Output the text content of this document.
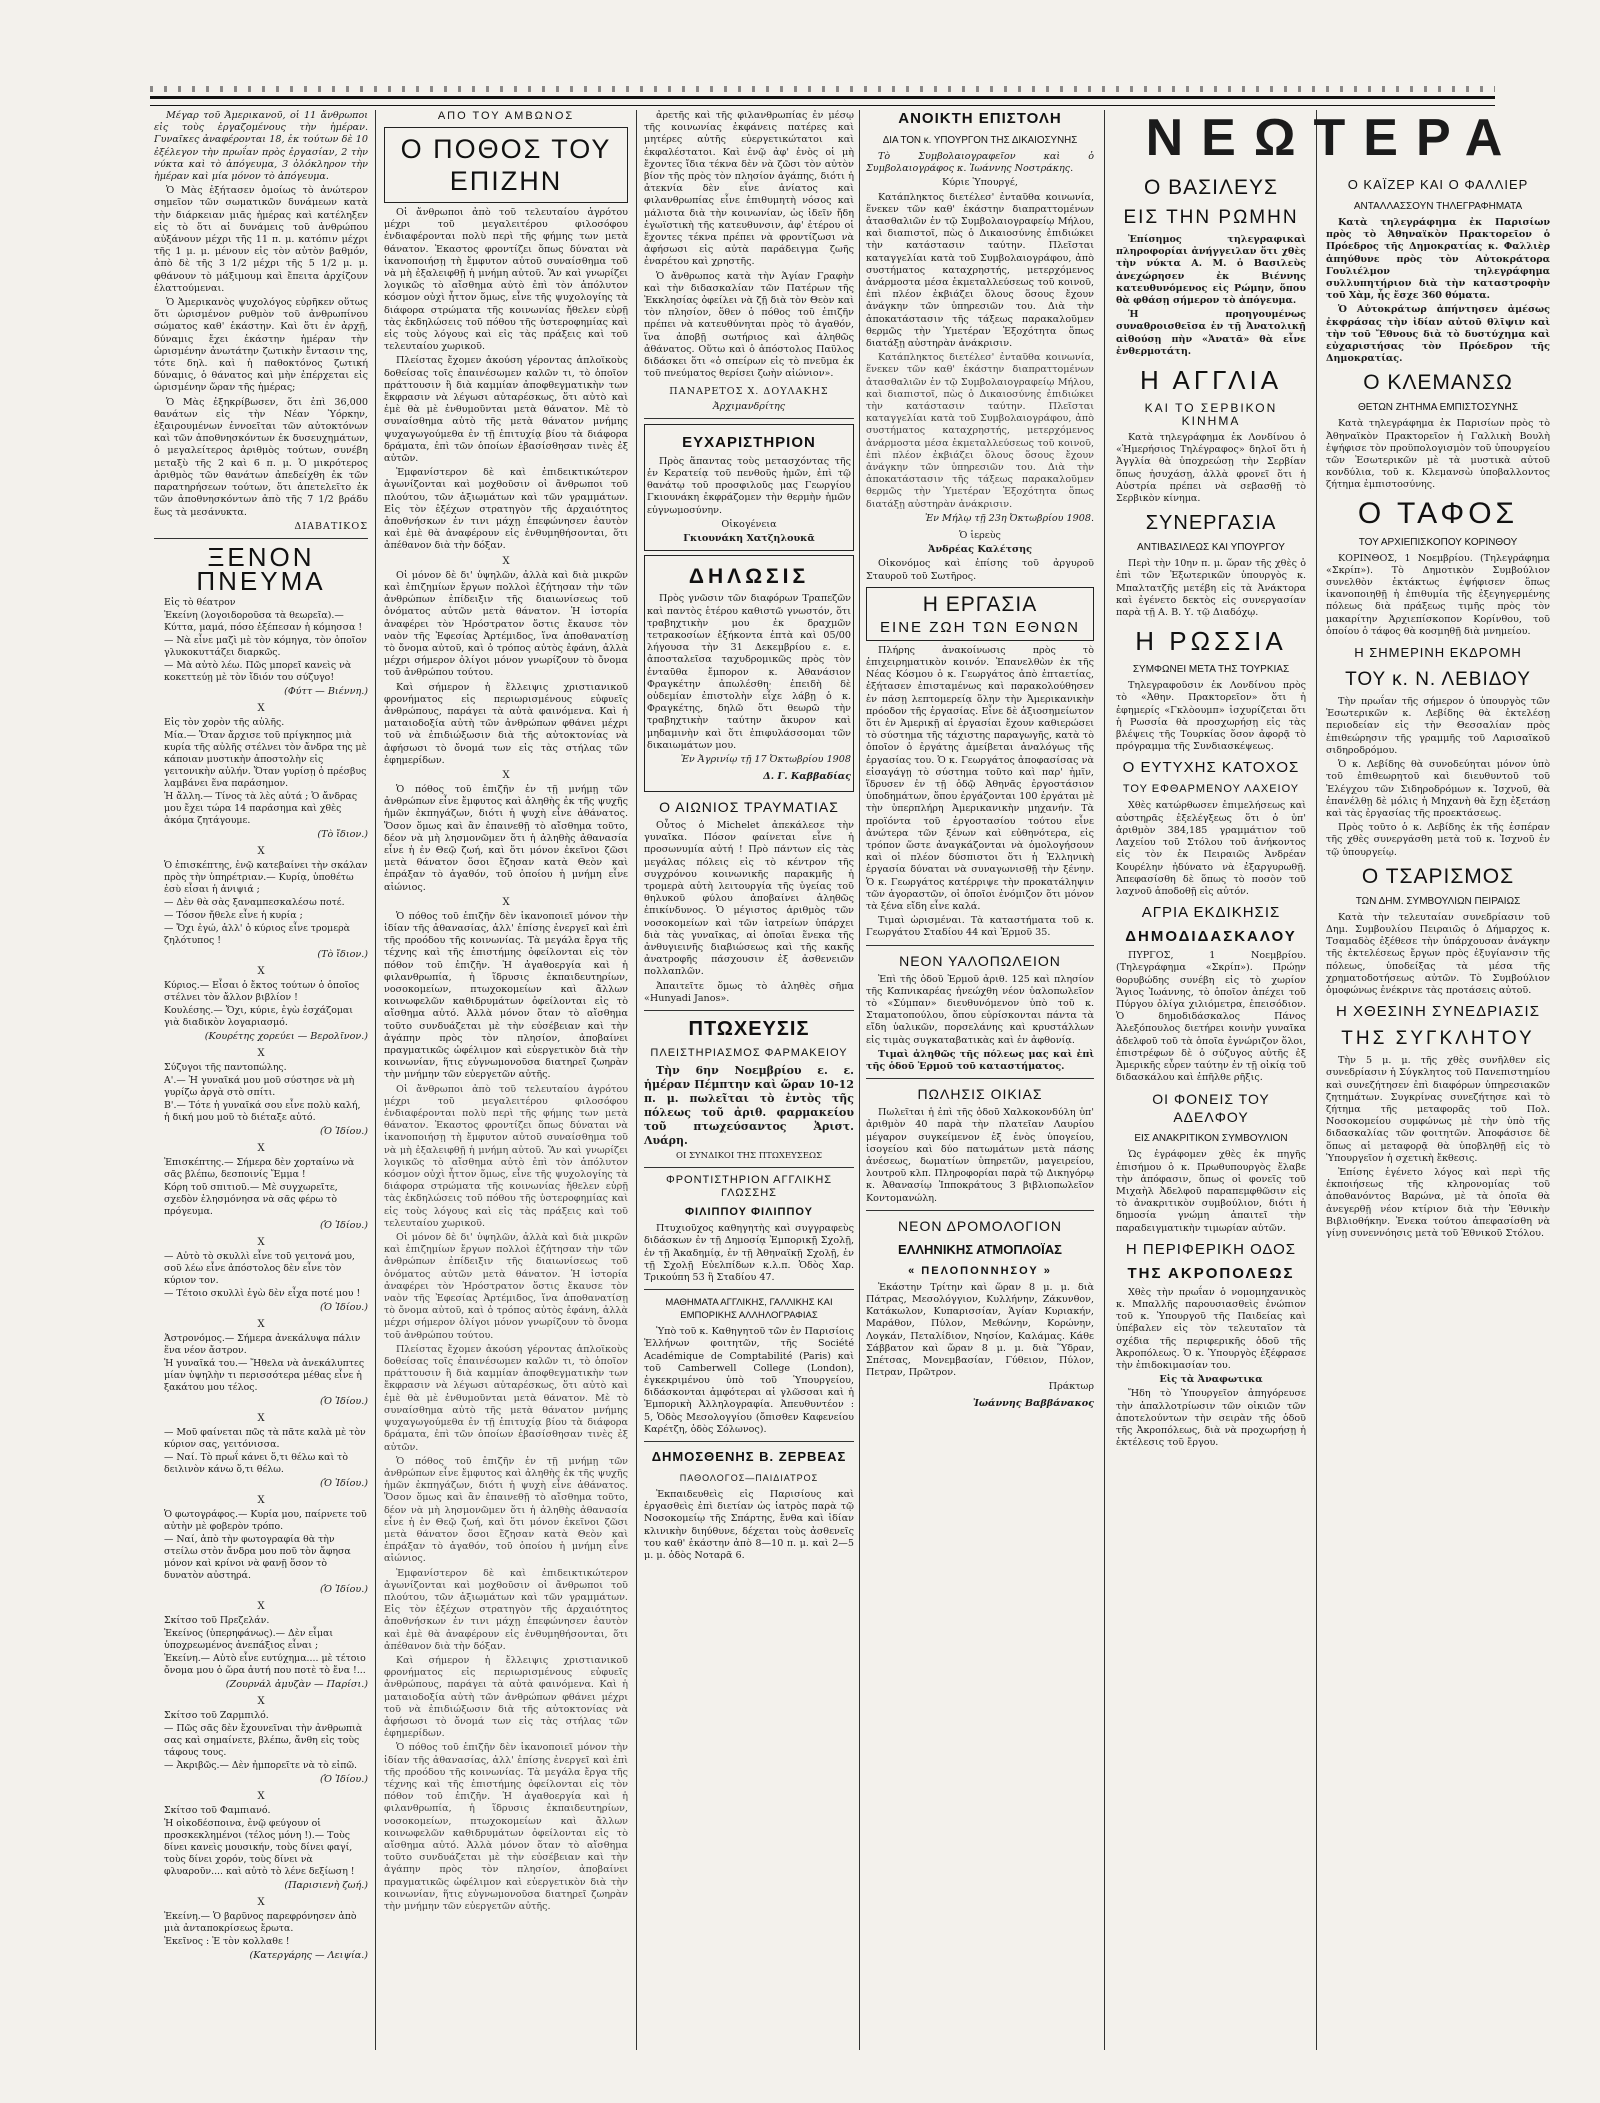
Μέγαρ τοῦ Ἀμερικανοῦ, οἱ 11 ἄνθρωποι εἰς τοὺς ἐργαζομένους τὴν ἡμέραν. Γυναῖκες ἀναφέρονται 18, ἐκ τούτων δὲ 10 ἐξέλεγον τὴν πρωΐαν πρὸς ἐργασίαν, 2 τὴν νύκτα καὶ τὸ ἀπόγευμα, 3 ὁλόκληρον τὴν ἡμέραν καὶ μία μόνον τὸ ἀπόγευμα.

Ὁ Μὰς ἐξήτασεν ὁμοίως τὸ ἀνώτερον σημεῖον τῶν σωματικῶν δυνάμεων κατὰ τὴν διάρκειαν μιᾶς ἡμέρας καὶ κατέληξεν εἰς τὸ ὅτι αἱ δυνάμεις τοῦ ἀνθρώπου αὐξάνουν μέχρι τῆς 11 π. μ. κατόπιν μέχρι τῆς 1 μ. μ. μένουν εἰς τὸν αὐτὸν βαθμόν, ἀπὸ δὲ τῆς 3 1/2 μέχρι τῆς 5 1/2 μ. μ. φθάνουν τὸ μάξιμουμ καὶ ἔπειτα ἀρχίζουν ἐλαττούμεναι.

Ὁ Ἀμερικανὸς ψυχολόγος εὑρῆκεν οὕτως ὅτι ὡρισμένον ρυθμὸν τοῦ ἀνθρωπίνου σώματος καθ' ἑκάστην. Καὶ ὅτι ἐν ἀρχῇ, δύναμις ἔχει ἑκάστην ἡμέραν τὴν ὡρισμένην ἀνωτάτην ζωτικὴν ἔντασιν της, τότε δηλ. καὶ ἡ παθοκτόνος ζωτική δύναμις, ὁ θάνατος καὶ μὴν ἐπέρχεται εἰς ὡρισμένην ὥραν τῆς ἡμέρας;

Ὁ Μὰς ἐξηκρίβωσεν, ὅτι ἐπὶ 36,000 θανάτων εἰς τὴν Νέαν Ὑόρκην, ἐξαιρουμένων ἐννοεῖται τῶν αὐτοκτόνων καὶ τῶν ἀποθνησκόντων ἐκ δυσευχημάτων, ὁ μεγαλείτερος ἀριθμὸς τούτων, συνέβη μεταξὺ τῆς 2 καὶ 6 π. μ. Ὁ μικρότερος ἀριθμὸς τῶν θανάτων ἀπεδείχθη ἐκ τῶν παρατηρήσεων τούτων, ὅτι ἀπετελεῖτο ἐκ τῶν ἀποθνησκόντων ἀπὸ τῆς 7 1/2 βράδυ ἕως τὰ μεσάνυκτα.

ΔΙΑΒΑΤΙΚΟΣ
ΞΕΝΟΝ ΠΝΕΥΜΑ
Εἰς τὸ θέατρον
Ἐκείνη (λογοιδοροῦσα τὰ θεωρεῖα).— Κύττα, μαμά, πόσο ἐξέπεσαν ἡ κόμησσα !
— Νὰ εἶνε μαζὶ μὲ τὸν κόμηγα, τὸν ὁποῖον γλυκοκυττάζει διαρκῶς.
— Μὰ αὐτὸ λέω. Πῶς μπορεῖ κανεὶς νὰ κοκεττεύῃ μὲ τὸν ἴδιόν του σύζυγο!
(Φύττ — Βιέννη.)
X
Εἰς τὸν χορὸν τῆς αὐλῆς.
Μία.— Ὅταν ἄρχισε τοῦ πρίγκηπος μιὰ κυρία τῆς αὐλῆς στέλνει τὸν ἄνδρα της μὲ κάποιαν μυστικὴν ἀποστολὴν εἰς γειτονικὴν αὐλήν. Ὅταν γυρίσῃ ὁ πρέσβυς λαμβάνει ἕνα παράσημον.
Ἡ ἄλλη.— Τίνος τὰ λὲς αὐτά ; Ὁ ἄνδρας μου ἔχει τώρα 14 παράσημα καὶ χθὲς ἀκόμα ζητάγουμε.
(Τὸ ἴδιον.)
X
Ὁ ἐπισκέπτης, ἐνῷ κατεβαίνει τὴν σκάλαν πρὸς τὴν ὑπηρέτριαν.— Κυρίᾳ, ὑποθέτω ἐσὺ εἶσαι ἡ ἀνιψιά ;
— Δὲν θὰ σὰς ξαναμπεσκαλέσω ποτέ.
— Τόσον ἤθελε εἶνε ἡ κυρία ;
— Ὄχι ἐγώ, ἀλλ' ὁ κύριος εἶνε τρομερὰ ζηλότυπος !
(Τὸ ἴδιον.)
X
Κύριος.— Εἶσαι ὁ ἔκτος τούτων ὁ ὁποῖος στέλνει τὸν ἄλλον βιβλίον !
Κουλέσης.— Ὄχι, κύριε, ἐγὼ ἐσχάζομαι γιὰ διαδικὸν λογαριασμό.
(Κουρέτης χορεύει — Βερολῖνον.)
X
Σύζυγοι τῆς παντοπώλης.
Α'.— Ἡ γυναῖκά μου μοῦ σύστησε νὰ μὴ γυρίζω ἀργὰ στὸ σπίτι.
Β'.— Τότε ἡ γυναῖκά σου εἶνε πολὺ καλή, ἡ δική μου μοῦ τὸ διέταξε αὐτό.
(Ὁ Ἰδίου.)
X
Ἐπισκέπτης.— Σήμερα δὲν χορταίνω νὰ σᾶς βλέπω, δεσποινίς Ἔμμα !
Κόρη τοῦ σπιτιοῦ.— Μὲ συγχωρεῖτε, σχεδὸν ἐλησμόνησα νὰ σᾶς φέρω τὸ πρόγευμα.
(Ὁ Ἰδίου.)
X
— Αὐτὸ τὸ σκυλλὶ εἶνε τοῦ γειτονά μου, σοῦ λέω εἶνε ἀπόστολος δὲν εἶνε τὸν κύριον τον.
— Τέτοιο σκυλλὶ ἐγὼ δὲν εἶχα ποτέ μου !
(Ὁ Ἰδίου.)
X
Ἀστρονόμος.— Σήμερα ἀνεκάλυψα πάλιν ἕνα νέον ἄστρον.
Ἡ γυναῖκά του.— Ἤθελα νὰ ἀνεκάλυπτες μίαν ὑψηλὴν τι περισσότερα μέθας εἶνε ἡ ξακάτου μου τέλος.
(Ὁ Ἰδίου.)
X
— Μοῦ φαίνεται πῶς τὰ πᾶτε καλὰ μὲ τὸν κύριον σας, γειτόνισσα.
— Ναί. Τὸ πρωΐ κάνει ὅ,τι θέλω καὶ τὸ δειλινὸν κάνω ὅ,τι θέλω.
(Ὁ Ἰδίου.)
X
Ὁ φωτογράφος.— Κυρία μου, παίρνετε τοῦ αὐτὴν μὲ φοβερὸν τρόπο.
— Ναί, ἀπὸ τὴν φωτογραφία θὰ τὴν στείλω στὸν ἄνδρα μου ποῦ τὸν ἄφησα μόνον καὶ κρίνοι νὰ φανῇ ὅσον τὸ δυνατὸν αὐστηρά.
(Ὁ Ἰδίου.)
X
Σκίτσο τοῦ Πρεζελάν.
Ἐκείνος (ὑπερηφάνως).— Δὲν εἶμαι ὑποχρεωμένος ἀνεπάξιος εἶναι ;
Ἐκείνη.— Αὐτὸ εἶνε ευτύχημα.... μὲ τέτοιο ὄνομα μου ὁ ὥρα ἀυτή που ποτὲ τὸ ἔνα !...
(Ζουρνάλ ἀμυζὰν — Παρίσι.)
X
Σκίτσο τοῦ Ζαρμπιλό.
— Πῶς σᾶς δὲν ἔχουνεῖναι τὴν ἀνθρωπιὰ σας καὶ σημαίνετε, βλέπω, ἄνθη εἰς τοὺς τάφους τους.
— Ἀκριβῶς.— Δὲν ἠμπορεῖτε νὰ τὸ εἰπῶ.
(Ὁ Ἰδίου.)
X
Σκίτσο τοῦ Φαμπιανό.
Ἡ οἰκοδέσποινα, ἐνῷ φεύγουν οἱ προσκεκλημένοι (τέλος μόνη !).— Τοὺς δίνει κανεὶς μουσικήν, τοὺς δίνει φαγί, τοὺς δίνει χορόν, τοὺς δίνει νὰ φλυαροῦν.... καὶ αὐτὸ τὸ λένε δεξίωση !
(Παρισιενὴ ζωή.)
X
Ἐκείνη.— Ὁ βαρῦνος παρεφρόνησεν ἀπὸ μιὰ ἀνταποκρίσεως ἔρωτα.
Ἐκεῖνος : Ἐ τὸν κολλαθε !
(Κατεργάρης — Λειψία.)
ΑΠΟ ΤΟΥ ΑΜΒΩΝΟΣ
Ο ΠΟΘΟΣ ΤΟΥ ΕΠΙΖΗΝ

Οἱ ἄνθρωποι ἀπὸ τοῦ τελευταίου ἀγρότου μέχρι τοῦ μεγαλειτέρου φιλοσόφου ἐνδιαφέρονται πολὺ περὶ τῆς φήμης των μετὰ θάνατον. Ἐκαστος φροντίζει ὅπως δύναται νὰ ἱκανοποιήσῃ τὴ ἔμφυτον αὐτοῦ συναίσθημα τοῦ νὰ μὴ ἐξαλειφθῇ ἡ μνήμη αὐτοῦ. Ἂν καὶ γνωρίζει λογικῶς τὸ αἴσθημα αὐτὸ ἐπὶ τὸν ἀπόλυτον κόσμον οὐχὶ ἧττον ὅμως, εἶνε τῆς ψυχολογίης τὰ διάφορα στρώματα τῆς κοινωνίας ἤθελεν εὑρῇ τὰς ἐκδηλώσεις τοῦ πόθου τῆς ὑστεροφημίας καὶ εἰς τοὺς λόγους καὶ εἰς τὰς πράξεις καὶ τοῦ τελευταίου χωρικοῦ.

Πλείστας ἔχομεν ἀκούση γέροντας ἀπλοϊκοὺς δοθείσας τοῖς ἐπαινέσωμεν καλῶν τι, τὸ ὁποῖον πράττουσιν ἢ διὰ καμμίαν ἀποφθεγματικὴν των ἔκφρασιν νὰ λέγωσι αὐταρέσκως, ὅτι αὐτὸ καὶ ἐμὲ θὰ μὲ ἐνθυμοῦνται μετὰ θάνατον. Μὲ τὸ συναίσθημα αὐτὸ τῆς μετὰ θάνατον μνήμης ψυχαγωγούμεθα ἐν τῇ ἐπιτυχίᾳ βίου τὰ διάφορα δράματα, ἐπὶ τῶν ὁποίων ἐβασίσθησαν τινὲς ἐξ αὐτῶν.

Ἐμφανίστερον δὲ καὶ ἐπιδεικτικώτερον ἀγωνίζονται καὶ μοχθοῦσιν οἱ ἄνθρωποι τοῦ πλούτου, τῶν ἀξιωμάτων καὶ τῶν γραμμάτων. Εἰς τὸν ἐξέχων στρατηγὸν τῆς ἀρχαιότητος ἀποθνήσκων ἐν τινι μάχῃ ἐπεφώνησεν ἑαυτὸν καὶ ἐμὲ θὰ ἀναφέρουν εἰς ἐνθυμηθήσονται, ὅτι ἀπέθανον διὰ τὴν δόξαν.

X

Οἱ μόνον δὲ δι' ὑψηλῶν, ἀλλὰ καὶ διὰ μικρῶν καὶ ἐπιζημίων ἔργων πολλοὶ ἐζήτησαν τὴν τῶν ἀνθρώπων ἐπίδειξιν τῆς διαιωνίσεως τοῦ ὀνόματος αὐτῶν μετὰ θάνατον. Ἡ ἱστορία ἀναφέρει τὸν Ἡρόστρατον ὅστις ἔκαυσε τὸν ναὸν τῆς Ἐφεσίας Ἀρτέμιδος, ἵνα ἀποθανατίσῃ τὸ ὄνομα αὐτοῦ, καὶ ὁ τρόπος αὐτὸς ἐφάνη, ἀλλὰ μέχρι σήμερον ὀλίγοι μόνον γνωρίζουν τὸ ὄνομα τοῦ ἀνθρώπου τούτου.

Καὶ σήμερον ἡ ἔλλειψις χριστιανικοῦ φρονήματος εἰς περιωρισμένους εὐφυεῖς ἀνθρώπους, παράγει τὰ αὐτὰ φαινόμενα. Καὶ ἡ ματαιοδοξία αὐτὴ τῶν ἀνθρώπων φθάνει μέχρι τοῦ νὰ ἐπιδιώξωσιν διὰ τῆς αὐτοκτονίας νὰ ἀφήσωσι τὸ ὄνομά των εἰς τὰς στήλας τῶν ἐφημερίδων.

X

Ὁ πόθος τοῦ ἐπιζῆν ἐν τῇ μνήμῃ τῶν ἀνθρώπων εἶνε ἔμφυτος καὶ ἀληθὴς ἐκ τῆς ψυχῆς ἡμῶν ἐκπηγάζων, διότι ἡ ψυχὴ εἶνε ἀθάνατος. Ὅσον ὅμως καὶ ἂν ἐπαινεθῇ τὸ αἴσθημα τοῦτο, δέον νὰ μὴ λησμονῶμεν ὅτι ἡ ἀληθὴς ἀθανασία εἶνε ἡ ἐν Θεῷ ζωή, καὶ ὅτι μόνον ἐκεῖνοι ζῶσι μετὰ θάνατον ὅσοι ἔζησαν κατὰ Θεὸν καὶ ἐπράξαν τὸ ἀγαθόν, τοῦ ὁποίου ἡ μνήμη εἶνε αἰώνιος.

X

Ὁ πόθος τοῦ ἐπιζῆν δὲν ἱκανοποιεῖ μόνον τὴν ἰδίαν τῆς ἀθανασίας, ἀλλ' ἐπίσης ἐνεργεῖ καὶ ἐπὶ τῆς προόδου τῆς κοινωνίας. Τὰ μεγάλα ἔργα τῆς τέχνης καὶ τῆς ἐπιστήμης ὀφείλονται εἰς τὸν πόθον τοῦ ἐπιζῆν. Ἡ ἀγαθοεργία καὶ ἡ φιλανθρωπία, ἡ ἵδρυσις ἐκπαιδευτηρίων, νοσοκομείων, πτωχοκομείων καὶ ἄλλων κοινωφελῶν καθιδρυμάτων ὀφείλονται εἰς τὸ αἴσθημα αὐτό. Ἀλλὰ μόνον ὅταν τὸ αἴσθημα τοῦτο συνδυάζεται μὲ τὴν εὐσέβειαν καὶ τὴν ἀγάπην πρὸς τὸν πλησίον, ἀποβαίνει πραγματικῶς ὠφέλιμον καὶ εὐεργετικὸν διὰ τὴν κοινωνίαν, ἥτις εὐγνωμονοῦσα διατηρεῖ ζωηρὰν τὴν μνήμην τῶν εὐεργετῶν αὐτῆς.

Οἱ ἄνθρωποι ἀπὸ τοῦ τελευταίου ἀγρότου μέχρι τοῦ μεγαλειτέρου φιλοσόφου ἐνδιαφέρονται πολὺ περὶ τῆς φήμης των μετὰ θάνατον. Ἐκαστος φροντίζει ὅπως δύναται νὰ ἱκανοποιήσῃ τὴ ἔμφυτον αὐτοῦ συναίσθημα τοῦ νὰ μὴ ἐξαλειφθῇ ἡ μνήμη αὐτοῦ. Ἂν καὶ γνωρίζει λογικῶς τὸ αἴσθημα αὐτὸ ἐπὶ τὸν ἀπόλυτον κόσμον οὐχὶ ἧττον ὅμως, εἶνε τῆς ψυχολογίης τὰ διάφορα στρώματα τῆς κοινωνίας ἤθελεν εὑρῇ τὰς ἐκδηλώσεις τοῦ πόθου τῆς ὑστεροφημίας καὶ εἰς τοὺς λόγους καὶ εἰς τὰς πράξεις καὶ τοῦ τελευταίου χωρικοῦ.

Οἱ μόνον δὲ δι' ὑψηλῶν, ἀλλὰ καὶ διὰ μικρῶν καὶ ἐπιζημίων ἔργων πολλοὶ ἐζήτησαν τὴν τῶν ἀνθρώπων ἐπίδειξιν τῆς διαιωνίσεως τοῦ ὀνόματος αὐτῶν μετὰ θάνατον. Ἡ ἱστορία ἀναφέρει τὸν Ἡρόστρατον ὅστις ἔκαυσε τὸν ναὸν τῆς Ἐφεσίας Ἀρτέμιδος, ἵνα ἀποθανατίσῃ τὸ ὄνομα αὐτοῦ, καὶ ὁ τρόπος αὐτὸς ἐφάνη, ἀλλὰ μέχρι σήμερον ὀλίγοι μόνον γνωρίζουν τὸ ὄνομα τοῦ ἀνθρώπου τούτου.

Πλείστας ἔχομεν ἀκούση γέροντας ἀπλοϊκοὺς δοθείσας τοῖς ἐπαινέσωμεν καλῶν τι, τὸ ὁποῖον πράττουσιν ἢ διὰ καμμίαν ἀποφθεγματικὴν των ἔκφρασιν νὰ λέγωσι αὐταρέσκως, ὅτι αὐτὸ καὶ ἐμὲ θὰ μὲ ἐνθυμοῦνται μετὰ θάνατον. Μὲ τὸ συναίσθημα αὐτὸ τῆς μετὰ θάνατον μνήμης ψυχαγωγούμεθα ἐν τῇ ἐπιτυχίᾳ βίου τὰ διάφορα δράματα, ἐπὶ τῶν ὁποίων ἐβασίσθησαν τινὲς ἐξ αὐτῶν.

Ὁ πόθος τοῦ ἐπιζῆν ἐν τῇ μνήμῃ τῶν ἀνθρώπων εἶνε ἔμφυτος καὶ ἀληθὴς ἐκ τῆς ψυχῆς ἡμῶν ἐκπηγάζων, διότι ἡ ψυχὴ εἶνε ἀθάνατος. Ὅσον ὅμως καὶ ἂν ἐπαινεθῇ τὸ αἴσθημα τοῦτο, δέον νὰ μὴ λησμονῶμεν ὅτι ἡ ἀληθὴς ἀθανασία εἶνε ἡ ἐν Θεῷ ζωή, καὶ ὅτι μόνον ἐκεῖνοι ζῶσι μετὰ θάνατον ὅσοι ἔζησαν κατὰ Θεὸν καὶ ἐπράξαν τὸ ἀγαθόν, τοῦ ὁποίου ἡ μνήμη εἶνε αἰώνιος.

Ἐμφανίστερον δὲ καὶ ἐπιδεικτικώτερον ἀγωνίζονται καὶ μοχθοῦσιν οἱ ἄνθρωποι τοῦ πλούτου, τῶν ἀξιωμάτων καὶ τῶν γραμμάτων. Εἰς τὸν ἐξέχων στρατηγὸν τῆς ἀρχαιότητος ἀποθνήσκων ἐν τινι μάχῃ ἐπεφώνησεν ἑαυτὸν καὶ ἐμὲ θὰ ἀναφέρουν εἰς ἐνθυμηθήσονται, ὅτι ἀπέθανον διὰ τὴν δόξαν.

Καὶ σήμερον ἡ ἔλλειψις χριστιανικοῦ φρονήματος εἰς περιωρισμένους εὐφυεῖς ἀνθρώπους, παράγει τὰ αὐτὰ φαινόμενα. Καὶ ἡ ματαιοδοξία αὐτὴ τῶν ἀνθρώπων φθάνει μέχρι τοῦ νὰ ἐπιδιώξωσιν διὰ τῆς αὐτοκτονίας νὰ ἀφήσωσι τὸ ὄνομά των εἰς τὰς στήλας τῶν ἐφημερίδων.

Ὁ πόθος τοῦ ἐπιζῆν δὲν ἱκανοποιεῖ μόνον τὴν ἰδίαν τῆς ἀθανασίας, ἀλλ' ἐπίσης ἐνεργεῖ καὶ ἐπὶ τῆς προόδου τῆς κοινωνίας. Τὰ μεγάλα ἔργα τῆς τέχνης καὶ τῆς ἐπιστήμης ὀφείλονται εἰς τὸν πόθον τοῦ ἐπιζῆν. Ἡ ἀγαθοεργία καὶ ἡ φιλανθρωπία, ἡ ἵδρυσις ἐκπαιδευτηρίων, νοσοκομείων, πτωχοκομείων καὶ ἄλλων κοινωφελῶν καθιδρυμάτων ὀφείλονται εἰς τὸ αἴσθημα αὐτό. Ἀλλὰ μόνον ὅταν τὸ αἴσθημα τοῦτο συνδυάζεται μὲ τὴν εὐσέβειαν καὶ τὴν ἀγάπην πρὸς τὸν πλησίον, ἀποβαίνει πραγματικῶς ὠφέλιμον καὶ εὐεργετικὸν διὰ τὴν κοινωνίαν, ἥτις εὐγνωμονοῦσα διατηρεῖ ζωηρὰν τὴν μνήμην τῶν εὐεργετῶν αὐτῆς.

ἀρετῆς καὶ τῆς φιλανθρωπίας ἐν μέσῳ τῆς κοινωνίας ἐκφάνεις πατέρες καὶ μητέρες αὐτῆς εὐεργετικώτατοι καὶ ἐκφαλέστατοι. Καὶ ἐνῷ ἀφ' ἑνὸς οἱ μὴ ἔχοντες ἴδια τέκνα δὲν νὰ ζῶσι τὸν αὐτὸν βίον τῆς πρὸς τὸν πλησίον ἀγάπης, διότι ἡ ἀτεκνία δὲν εἶνε ἀνίατος καὶ φιλανθρωπίας εἶνε ἐπιθυμητὴ νόσος καὶ μάλιστα διὰ τὴν κοινωνίαν, ὡς ἰδεῖν ἤδη ἐγωϊστικὴ τῆς κατευθυνσιν, ἀφ' ἑτέρου οἱ ἔχοντες τέκνα πρέπει νὰ φροντίζωσι νὰ ἀφήσωσι εἰς αὐτὰ παράδειγμα ζωῆς ἐναρέτου καὶ χρηστῆς.

Ὁ ἄνθρωπος κατὰ τὴν Ἁγίαν Γραφὴν καὶ τὴν διδασκαλίαν τῶν Πατέρων τῆς Ἐκκλησίας ὀφείλει νὰ ζῇ διὰ τὸν Θεὸν καὶ τὸν πλησίον, ὅθεν ὁ πόθος τοῦ ἐπιζῆν πρέπει νὰ κατευθύνηται πρὸς τὸ ἀγαθόν, ἵνα ἀποβῇ σωτήριος καὶ ἀληθῶς ἀθάνατος. Οὕτω καὶ ὁ ἀπόστολος Παῦλος διδάσκει ὅτι «ὁ σπείρων εἰς τὸ πνεῦμα ἐκ τοῦ πνεύματος θερίσει ζωὴν αἰώνιον».

ΠΑΝΑΡΕΤΟΣ Χ. ΔΟΥΛΑΚΗΣ
Ἀρχιμανδρίτης
ΕΥΧΑΡΙΣΤΗΡΙΟΝ

Πρὸς ἅπαντας τοὺς μετασχόντας τῆς ἐν Κερατείᾳ τοῦ πενθοῦς ἡμῶν, ἐπὶ τῷ θανάτῳ τοῦ προσφιλοῦς μας Γεωργίου Γκιουνάκη ἐκφράζομεν τὴν θερμὴν ἡμῶν εὐγνωμοσύνην.

Οἰκογένεια
Γκιουνάκη Χατζηλουκᾶ
ΔΗΛΩΣΙΣ

Πρὸς γνῶσιν τῶν διαφόρων Τραπεζῶν καὶ παντὸς ἑτέρου καθιστῶ γνωστόν, ὅτι τραβηχτικὴν μου ἐκ δραχμῶν τετρακοσίων ἑξήκοντα ἐπτὰ καὶ 05/00 λήγουσα τὴν 31 Δεκεμβρίου ε. ε. ἀποσταλεῖσα ταχυδρομικῶς πρὸς τὸν ἐνταῦθα ἔμπορον κ. Ἀθανάσιον Φραγκέτην ἀπωλέσθη· ἐπειδὴ δὲ οὐδεμίαν ἐπιστολὴν εἶχε λάβῃ ὁ κ. Φραγκέτης, δηλῶ ὅτι θεωρῶ τὴν τραβηχτικὴν ταύτην ἄκυρον καὶ μηδαμινὴν καὶ ὅτι ἐπιφυλάσσομαι τῶν δικαιωμάτων μου.

Ἐν Ἀγρινίῳ τῇ 17 Ὀκτωβρίου 1908
Δ. Γ. Καββαδίας
Ο ΑΙΩΝΙΟΣ ΤΡΑΥΜΑΤΙΑΣ

Οὗτος ὁ Michelet ἀπεκάλεσε τὴν γυναῖκα. Πόσον φαίνεται εἶνε ἡ προσωνυμία αὐτή ! Πρὸ πάντων εἰς τὰς μεγάλας πόλεις εἰς τὸ κέντρον τῆς συγχρόνου κοινωνικῆς παρακμῆς ἡ τρομερὰ αὐτὴ λειτουργία τῆς ὑγείας τοῦ θηλυκοῦ φύλου ἀποβαίνει ἀληθῶς ἐπικίνδυνος. Ὁ μέγιστος ἀριθμὸς τῶν νοσοκομείων καὶ τῶν ἰατρείων ὑπάρχει διὰ τὰς γυναῖκας, αἱ ὁποῖαι ἕνεκα τῆς ἀνθυγιεινῆς διαβιώσεως καὶ τῆς κακῆς ἀνατροφῆς πάσχουσιν ἐξ ἀσθενειῶν πολλαπλῶν.

Ἀπαιτεῖτε ὅμως τὸ ἀληθὲς σῆμα «Hunyadi Janos».

ΠΤΩΧΕΥΣΙΣ
ΠΛΕΙΣΤΗΡΙΑΣΜΟΣ ΦΑΡΜΑΚΕΙΟΥ

Τὴν 6ην Νοεμβρίου ε. ε. ἡμέραν Πέμπτην καὶ ὥραν 10-12 π. μ. πωλεῖται τὸ ἐντὸς τῆς πόλεως τοῦ ἀριθ. φαρμακείου τοῦ πτωχεύσαντος Ἀριστ. Λυάρη.

ΟΙ ΣΥΝΔΙΚΟΙ ΤΗΣ ΠΤΩΧΕΥΣΕΩΣ
ΦΡΟΝΤΙΣΤΗΡΙΟΝ ΑΓΓΛΙΚΗΣ ΓΛΩΣΣΗΣ
ΦΙΛΙΠΠΟΥ ΦΙΛΙΠΠΟΥ

Πτυχιοῦχος καθηγητὴς καὶ συγγραφεὺς διδάσκων ἐν τῇ Δημοσίᾳ Ἐμπορικῇ Σχολῇ, ἐν τῇ Ἀκαδημίᾳ, ἐν τῇ Ἀθηναϊκῇ Σχολῇ, ἐν τῇ Σχολῇ Εὐελπίδων κ.λ.π. Ὁδὸς Χαρ. Τρικούπη 53 ἢ Σταδίου 47.

ΜΑΘΗΜΑΤΑ ΑΓΓΛΙΚΗΣ, ΓΑΛΛΙΚΗΣ ΚΑΙ ΕΜΠΟΡΙΚΗΣ ΑΛΛΗΛΟΓΡΑΦΙΑΣ

Ὑπὸ τοῦ κ. Καθηγητοῦ τῶν ἐν Παρισίοις Ἑλλήνων φοιτητῶν, τῆς Société Académique de Comptabilité (Paris) καὶ τοῦ Camberwell College (London), ἐγκεκριμένου ὑπὸ τοῦ Ὑπουργείου, διδάσκονται ἀμφότεραι αἱ γλῶσσαι καὶ ἡ Ἐμπορικὴ Ἀλληλογραφία. Ἀπευθυντέον : 5, Ὁδὸς Μεσολογγίου (ὄπισθεν Καφενείου Καρέτζη, ὁδὸς Σόλωνος).

ΔΗΜΟΣΘΕΝΗΣ Β. ΖΕΡΒΕΑΣ
ΠΑΘΟΛΟΓΟΣ—ΠΑΙΔΙΑΤΡΟΣ

Ἐκπαιδευθεὶς εἰς Παρισίους καὶ ἐργασθεὶς ἐπὶ διετίαν ὡς ἰατρὸς παρὰ τῷ Νοσοκομείῳ τῆς Σπάρτης, ἔνθα καὶ ἰδίαν κλινικὴν διηύθυνε, δέχεται τοὺς ἀσθενεῖς του καθ' ἑκάστην ἀπὸ 8—10 π. μ. καὶ 2—5 μ. μ. ὁδὸς Νοταρᾶ 6.

ΑΝΟΙΚΤΗ ΕΠΙΣΤΟΛΗ
ΔΙΑ ΤΟΝ κ. ΥΠΟΥΡΓΟΝ ΤΗΣ ΔΙΚΑΙΟΣΥΝΗΣ

Τὸ Συμβολαιογραφεῖον καὶ ὁ Συμβολαιογράφος κ. Ἰωάννης Νοστράκης.

Κύριε Ὑπουργέ,

Κατάπληκτος διετέλεσ' ἐνταῦθα κοινωνία, ἕνεκεν τῶν καθ' ἑκάστην διαπραττομένων ἀτασθαλιῶν ἐν τῷ Συμβολαιογραφείῳ Μήλου, καὶ διαπιστοῖ, πὼς ὁ Δικαιοσύνης ἐπιδιώκει τὴν κατάστασιν ταύτην. Πλεῖσται καταγγελίαι κατὰ τοῦ Συμβολαιογράφου, ἀπὸ συστήματος καταχρηστής, μετερχόμενος ἀνάρμοστα μέσα ἐκμεταλλεύσεως τοῦ κοινοῦ, ἐπὶ πλέον ἐκβιάζει ὅλους ὅσους ἔχουν ἀνάγκην τῶν ὑπηρεσιῶν του. Διὰ τὴν ἀποκατάστασιν τῆς τάξεως παρακαλοῦμεν θερμῶς τὴν Ὑμετέραν Ἐξοχότητα ὅπως διατάξῃ αὐστηρὰν ἀνάκρισιν.

Κατάπληκτος διετέλεσ' ἐνταῦθα κοινωνία, ἕνεκεν τῶν καθ' ἑκάστην διαπραττομένων ἀτασθαλιῶν ἐν τῷ Συμβολαιογραφείῳ Μήλου, καὶ διαπιστοῖ, πὼς ὁ Δικαιοσύνης ἐπιδιώκει τὴν κατάστασιν ταύτην. Πλεῖσται καταγγελίαι κατὰ τοῦ Συμβολαιογράφου, ἀπὸ συστήματος καταχρηστής, μετερχόμενος ἀνάρμοστα μέσα ἐκμεταλλεύσεως τοῦ κοινοῦ, ἐπὶ πλέον ἐκβιάζει ὅλους ὅσους ἔχουν ἀνάγκην τῶν ὑπηρεσιῶν του. Διὰ τὴν ἀποκατάστασιν τῆς τάξεως παρακαλοῦμεν θερμῶς τὴν Ὑμετέραν Ἐξοχότητα ὅπως διατάξῃ αὐστηρὰν ἀνάκρισιν.

Ἐν Μήλῳ τῇ 23η Ὀκτωβρίου 1908.
Ὁ ἱερεὺς
Ἀνδρέας Καλέτσης

Οἰκονόμος καὶ ἐπίσης τοῦ ἀργυροῦ Σταυροῦ τοῦ Σωτῆρος.

Η ΕΡΓΑΣΙΑ
ΕΙΝΕ ΖΩΗ ΤΩΝ ΕΘΝΩΝ

Πλήρης ἀνακοίνωσις πρὸς τὸ ἐπιχειρηματικὸν κοινόν. Ἐπανελθὼν ἐκ τῆς Νέας Κόσμου ὁ κ. Γεωργάτος ἀπὸ ἐπταετίας, ἐξήτασεν ἐπισταμένως καὶ παρακολούθησεν ἐν πάσῃ λεπτομερείᾳ ὅλην τὴν Ἀμερικανικὴν πρόοδον τῆς ἐργασίας. Εἶνε δὲ ἀξιοσημείωτον ὅτι ἐν Ἀμερικῇ αἱ ἐργασίαι ἔχουν καθιερώσει τὸ σύστημα τῆς τάχιστης παραγωγῆς, κατὰ τὸ ὁποῖον ὁ ἐργάτης ἀμείβεται ἀναλόγως τῆς ἐργασίας του. Ὁ κ. Γεωργάτος ἀποφασίσας νὰ εἰσαγάγῃ τὸ σύστημα τοῦτο καὶ παρ' ἡμῖν, ἵδρυσεν ἐν τῇ ὁδῷ Ἀθηνᾶς ἐργοστάσιον ὑποδημάτων, ὅπου ἐργάζονται 100 ἐργάται μὲ τὴν ὑπερπλήρη Ἀμερικανικὴν μηχανήν. Τὰ προϊόντα τοῦ ἐργοστασίου τούτου εἶνε ἀνώτερα τῶν ξένων καὶ εὐθηνότερα, εἰς τρόπον ὥστε ἀναγκάζονται νὰ ὁμολογήσουν καὶ οἱ πλέον δύσπιστοι ὅτι ἡ Ἑλληνικὴ ἐργασία δύναται νὰ συναγωνισθῇ τὴν ξένην. Ὁ κ. Γεωργάτος κατέρριψε τὴν προκατάληψιν τῶν ἀγοραστῶν, οἱ ὁποῖοι ἐνόμιζον ὅτι μόνον τὰ ξένα εἴδη εἶνε καλά.

Τιμαὶ ὡρισμέναι. Τὰ καταστήματα τοῦ κ. Γεωργάτου Σταδίου 44 καὶ Ἑρμοῦ 35.

ΝΕΟΝ ΥΑΛΟΠΩΛΕΙΟΝ

Ἐπὶ τῆς ὁδοῦ Ἑρμοῦ ἀριθ. 125 καὶ πλησίον τῆς Καπνικαρέας ἠνεώχθη νέον ὑαλοπωλεῖον τὸ «Σύμπαν» διευθυνόμενον ὑπὸ τοῦ κ. Σταματοπούλου, ὅπου εὑρίσκονται πάντα τὰ εἴδη ὑαλικῶν, πορσελάνης καὶ κρυστάλλων εἰς τιμὰς συγκαταβατικὰς καὶ ἐν ἀφθονίᾳ.

Τιμαὶ ἀληθῶς τῆς πόλεως μας καὶ ἐπὶ τῆς ὁδοῦ Ἑρμοῦ τοῦ καταστήματος.

ΠΩΛΗΣΙΣ ΟΙΚΙΑΣ

Πωλεῖται ἡ ἐπὶ τῆς ὁδοῦ Χαλκοκονδύλη ὑπ' ἀριθμὸν 40 παρὰ τὴν πλατεῖαν Λαυρίου μέγαρον συγκείμενον ἐξ ἑνὸς ὑπογείου, ἰσογείου καὶ δύο πατωμάτων μετὰ πάσης ἀνέσεως, δωματίων ὑπηρετῶν, μαγειρείου, λουτροῦ κλπ. Πληροφορίαι παρὰ τῷ Δικηγόρῳ κ. Ἀθανασίῳ Ἱπποκράτους 3 βιβλιοπωλεῖον Κοντομανώλη.

ΝΕΟΝ ΔΡΟΜΟΛΟΓΙΟΝ
ΕΛΛΗΝΙΚΗΣ ΑΤΜΟΠΛΟΪΑΣ
« ΠΕΛΟΠΟΝΝΗΣΟΥ »

Ἑκάστην Τρίτην καὶ ὥραν 8 μ. μ. διὰ Πάτρας, Μεσολόγγιον, Κυλλήνην, Ζάκυνθον, Κατάκωλον, Κυπαρισσίαν, Ἁγίαν Κυριακήν, Μαράθον, Πύλον, Μεθώνην, Κορώνην, Λογκάν, Πεταλίδιον, Νησίον, Καλάμας. Κάθε Σάββατον καὶ ὥραν 8 μ. μ. διὰ Ὕδραν, Σπέτσας, Μονεμβασίαν, Γύθειον, Πύλον, Πετραν, Πρῶτρον.

Πράκτωρ
Ἰωάννης Βαββάνακος
ΝΕΩΤΕΡΑ
Ο ΒΑΣΙΛΕΥΣ
ΕΙΣ ΤΗΝ ΡΩΜΗΝ

Ἐπίσημος τηλεγραφικαὶ πληροφορίαι ἀνήγγειλαν ὅτι χθὲς τὴν νύκτα Α. Μ. ὁ Βασιλεὺς ἀνεχώρησεν ἐκ Βιέννης κατευθυνόμενος εἰς Ρώμην, ὅπου θὰ φθάσῃ σήμερον τὸ ἀπόγευμα.

Ἡ προηγουμένως συναθροισθεῖσα ἐν τῇ Ἀνατολικῇ αἰθούσῃ πὴν «Ἀνατᾶ» θὰ εἶνε ἐνθερμοτάτη.

Η ΑΓΓΛΙΑ
ΚΑΙ ΤΟ ΣΕΡΒΙΚΟΝ ΚΙΝΗΜΑ

Κατὰ τηλεγράφημα ἐκ Λονδίνου ὁ «Ἡμερήσιος Τηλέγραφος» δηλοῖ ὅτι ἡ Ἀγγλία θὰ ὑποχρεώσῃ τὴν Σερβίαν ὅπως ἡσυχάσῃ, ἀλλὰ φρονεῖ ὅτι ἡ Αὐστρία πρέπει νὰ σεβασθῇ τὸ Σερβικὸν κίνημα.

ΣΥΝΕΡΓΑΣΙΑ
ΑΝΤΙΒΑΣΙΛΕΩΣ ΚΑΙ ΥΠΟΥΡΓΟΥ

Περὶ τὴν 10ην π. μ. ὥραν τῆς χθὲς ὁ ἐπὶ τῶν Ἐξωτερικῶν ὑπουργὸς κ. Μπαλτατζῆς μετέβη εἰς τὰ Ἀνάκτορα καὶ ἐγένετο δεκτὸς εἰς συνεργασίαν παρὰ τῇ Α. Β. Υ. τῷ Διαδόχῳ.

Η ΡΩΣΣΙΑ
ΣΥΜΦΩΝΕΙ ΜΕΤΑ ΤΗΣ ΤΟΥΡΚΙΑΣ

Τηλεγραφοῦσιν ἐκ Λονδίνου πρὸς τὸ «Ἀθην. Πρακτορεῖον» ὅτι ἡ ἐφημερίς «Γκλὸουμπ» ἰσχυρίζεται ὅτι ἡ Ρωσσία θὰ προσχωρήσῃ εἰς τὰς βλέψεις τῆς Τουρκίας ὅσον ἀφορᾷ τὸ πρόγραμμα τῆς Συνδιασκέψεως.

Ο ΕΥΤΥΧΗΣ ΚΑΤΟΧΟΣ
ΤΟΥ ΕΦΘΑΡΜΕΝΟΥ ΛΑΧΕΙΟΥ

Χθὲς κατώρθωσεν ἐπιμελήσεως καὶ αὐστηρᾶς ἐξελέγξεως ὅτι ὁ ὑπ' ἀριθμὸν 384,185 γραμμάτιον τοῦ Λαχείου τοῦ Στόλου τοῦ ἀνήκοντος εἰς τὸν ἐκ Πειραιῶς Ἀνδρέαν Κουρέλην ἠδύνατο νὰ ἐξαργυρωθῇ. Ἀπεφασίσθη δὲ ὅπως τὸ ποσὸν τοῦ λαχνοῦ ἀποδοθῇ εἰς αὐτόν.

ΑΓΡΙΑ ΕΚΔΙΚΗΣΙΣ
ΔΗΜΟΔΙΔΑΣΚΑΛΟΥ

ΠΥΡΓΟΣ, 1 Νοεμβρίου. (Τηλεγράφημα «Σκρίπ»). Πρώῃν θορυβώδης συνέβη εἰς τὸ χωρίον Ἅγιος Ἰωάννης, τὸ ὁποῖον ἀπέχει τοῦ Πύργου ὀλίγα χιλιόμετρα, ἐπεισόδιον. Ὁ δημοδιδάσκαλος Πάνος Ἀλεξόπουλος διετήρει κοινὴν γυναῖκα ἀδελφοῦ τοῦ τὰ ὁποῖα ἐγνώριζον ὅλοι, ἐπιστρέφων δὲ ὁ σύζυγος αὐτῆς ἐξ Ἀμερικῆς εὗρεν ταύτην ἐν τῇ οἰκίᾳ τοῦ διδασκάλου καὶ ἐπῆλθε ρῆξις.

ΟΙ ΦΟΝΕΙΣ ΤΟΥ ΑΔΕΛΦΟΥ
ΕΙΣ ΑΝΑΚΡΙΤΙΚΟΝ ΣΥΜΒΟΥΛΙΟΝ

Ὡς ἐγράφομεν χθὲς ἐκ πηγῆς ἐπισήμου ὁ κ. Πρωθυπουργὸς ἔλαβε τὴν ἀπόφασιν, ὅπως οἱ φονεῖς τοῦ Μιχαὴλ Ἀδελφοῦ παραπεμφθῶσιν εἰς τὸ ἀνακριτικὸν συμβούλιον, διότι ἡ δημοσία γνώμη ἀπαιτεῖ τὴν παραδειγματικὴν τιμωρίαν αὐτῶν.

Η ΠΕΡΙΦΕΡΙΚΗ ΟΔΟΣ
ΤΗΣ ΑΚΡΟΠΟΛΕΩΣ

Χθὲς τὴν πρωΐαν ὁ νομομηχανικὸς κ. Μπαλλῆς παρουσιασθεὶς ἐνώπιον τοῦ κ. Ὑπουργοῦ τῆς Παιδείας καὶ ὑπέβαλεν εἰς τὸν τελευταῖον τὰ σχέδια τῆς περιφερικῆς ὁδοῦ τῆς Ἀκροπόλεως. Ὁ κ. Ὑπουργὸς ἐξέφρασε τὴν ἐπιδοκιμασίαν του.

Εἰς τὰ Ἀναφωτικα

Ἤδη τὸ Ὑπουργεῖον ἀπηγόρευσε τὴν ἀπαλλοτρίωσιν τῶν οἰκιῶν τῶν ἀποτελούντων τὴν σειρὰν τῆς ὁδοῦ τῆς Ἀκροπόλεως, διὰ νὰ προχωρήσῃ ἡ ἐκτέλεσις τοῦ ἔργου.

Ο ΚΑΪΖΕΡ ΚΑΙ Ο ΦΑΛΛΙΕΡ
ΑΝΤΑΛΛΑΣΣΟΥΝ ΤΗΛΕΓΡΑΦΗΜΑΤΑ

Κατὰ τηλεγράφημα ἐκ Παρισίων πρὸς τὸ Ἀθηναϊκὸν Πρακτορεῖον ὁ Πρόεδρος τῆς Δημοκρατίας κ. Φαλλιὲρ ἀπηύθυνε πρὸς τὸν Αὐτοκράτορα Γουλιέλμον τηλεγράφημα συλλυπητήριον διὰ τὴν καταστροφὴν τοῦ Χὰμ, ἧς ἔσχε 360 θύματα.

Ὁ Αὐτοκράτωρ ἀπήντησεν ἀμέσως ἐκφράσας τὴν ἰδίαν αὐτοῦ θλῖψιν καὶ τὴν τοῦ Ἔθνους διὰ τὸ δυστύχημα καὶ εὐχαριστήσας τὸν Πρόεδρον τῆς Δημοκρατίας.

Ο ΚΛΕΜΑΝΣΩ
ΘΕΤΩΝ ΖΗΤΗΜΑ ΕΜΠΙΣΤΟΣΥΝΗΣ

Κατὰ τηλεγράφημα ἐκ Παρισίων πρὸς τὸ Ἀθηναϊκὸν Πρακτορεῖον ἡ Γαλλικὴ Βουλὴ ἐψήφισε τὸν προϋπολογισμὸν τοῦ ὑπουργείου τῶν Ἐσωτερικῶν μὲ τὰ μυστικὰ αὐτοῦ κονδύλια, τοῦ κ. Κλεμανσὼ ὑποβαλλοντος ζήτημα ἐμπιστοσύνης.

Ο ΤΑΦΟΣ
ΤΟΥ ΑΡΧΙΕΠΙΣΚΟΠΟΥ ΚΟΡΙΝΘΟΥ

ΚΟΡΙΝΘΟΣ, 1 Νοεμβρίου. (Τηλεγράφημα «Σκρίπ»). Τὸ Δημοτικὸν Συμβούλιον συνελθὸν ἐκτάκτως ἐψήφισεν ὅπως ἱκανοποιηθῇ ἡ ἐπιθυμία τῆς ἐξεγηγερμένης πόλεως διὰ πράξεως τιμῆς πρὸς τὸν μακαρίτην Ἀρχιεπίσκοπον Κορίνθου, τοῦ ὁποίου ὁ τάφος θὰ κοσμηθῇ διὰ μνημείου.

Η ΣΗΜΕΡΙΝΗ ΕΚΔΡΟΜΗ
ΤΟΥ κ. Ν. ΛΕΒΙΔΟΥ

Τὴν πρωΐαν τῆς σήμερον ὁ ὑπουργὸς τῶν Ἐσωτερικῶν κ. Λεβίδης θὰ ἐκτελέσῃ περιοδείαν εἰς τὴν Θεσσαλίαν πρὸς ἐπιθεώρησιν τῆς γραμμῆς τοῦ Λαρισαϊκοῦ σιδηροδρόμου.

Ὁ κ. Λεβίδης θὰ συνοδεύηται μόνον ὑπὸ τοῦ ἐπιθεωρητοῦ καὶ διευθυντοῦ τοῦ Ἐλέγχου τῶν Σιδηροδρόμων κ. Ἰσχνοῦ, θὰ ἐπανέλθῃ δὲ μόλις ἡ Μηχανὴ θὰ ἔχῃ ἐξετάσῃ καὶ τὰς ἐργασίας τῆς προεκτάσεως.

Πρὸς τοῦτο ὁ κ. Λεβίδης ἐκ τῆς ἑσπέραν τῆς χθὲς συνεργάσθη μετὰ τοῦ κ. Ἰσχνοῦ ἐν τῷ ὑπουργείῳ.

Ο ΤΣΑΡΙΣΜΟΣ
ΤΩΝ ΔΗΜ. ΣΥΜΒΟΥΛΙΩΝ ΠΕΙΡΑΙΩΣ

Κατὰ τὴν τελευταίαν συνεδρίασιν τοῦ Δημ. Συμβουλίου Πειραιῶς ὁ Δήμαρχος κ. Τσαμαδὸς ἐξέθεσε τὴν ὑπάρχουσαν ἀνάγκην τῆς ἐκτελέσεως ἔργων πρὸς ἐξυγίανσιν τῆς πόλεως, ὑποδείξας τὰ μέσα τῆς χρηματοδοτήσεως αὐτῶν. Τὸ Συμβούλιον ὁμοφώνως ἐνέκρινε τὰς προτάσεις αὐτοῦ.

Η ΧΘΕΣΙΝΗ ΣΥΝΕΔΡΙΑΣΙΣ
ΤΗΣ ΣΥΓΚΛΗΤΟΥ

Τὴν 5 μ. μ. τῆς χθὲς συνῆλθεν εἰς συνεδρίασιν ἡ Σύγκλητος τοῦ Πανεπιστημίου καὶ συνεζήτησεν ἐπὶ διαφόρων ὑπηρεσιακῶν ζητημάτων. Συγκρίνας συνεζήτησε καὶ τὸ ζήτημα τῆς μεταφορᾶς τοῦ Πολ. Νοσοκομείου συμφώνως μὲ τὴν ὑπὸ τῆς διδασκαλίας τῶν φοιτητῶν. Ἀποφάσισε δὲ ὅπως αἱ μεταφορᾷ θὰ ὑποβληθῇ εἰς τὸ Ὑπουργεῖον ἡ σχετικὴ ἔκθεσις.

Ἐπίσης ἐγένετο λόγος καὶ περὶ τῆς ἐκποιήσεως τῆς κληρονομίας τοῦ ἀποθανόντος Βαρώνα, μὲ τὰ ὁποῖα θὰ ἀνεγερθῇ νέον κτίριον διὰ τὴν Ἐθνικὴν Βιβλιοθήκην. Ἐνεκα τούτου ἀπεφασίσθη νὰ γίνῃ συνεννόησις μετὰ τοῦ Ἐθνικοῦ Στόλου.
